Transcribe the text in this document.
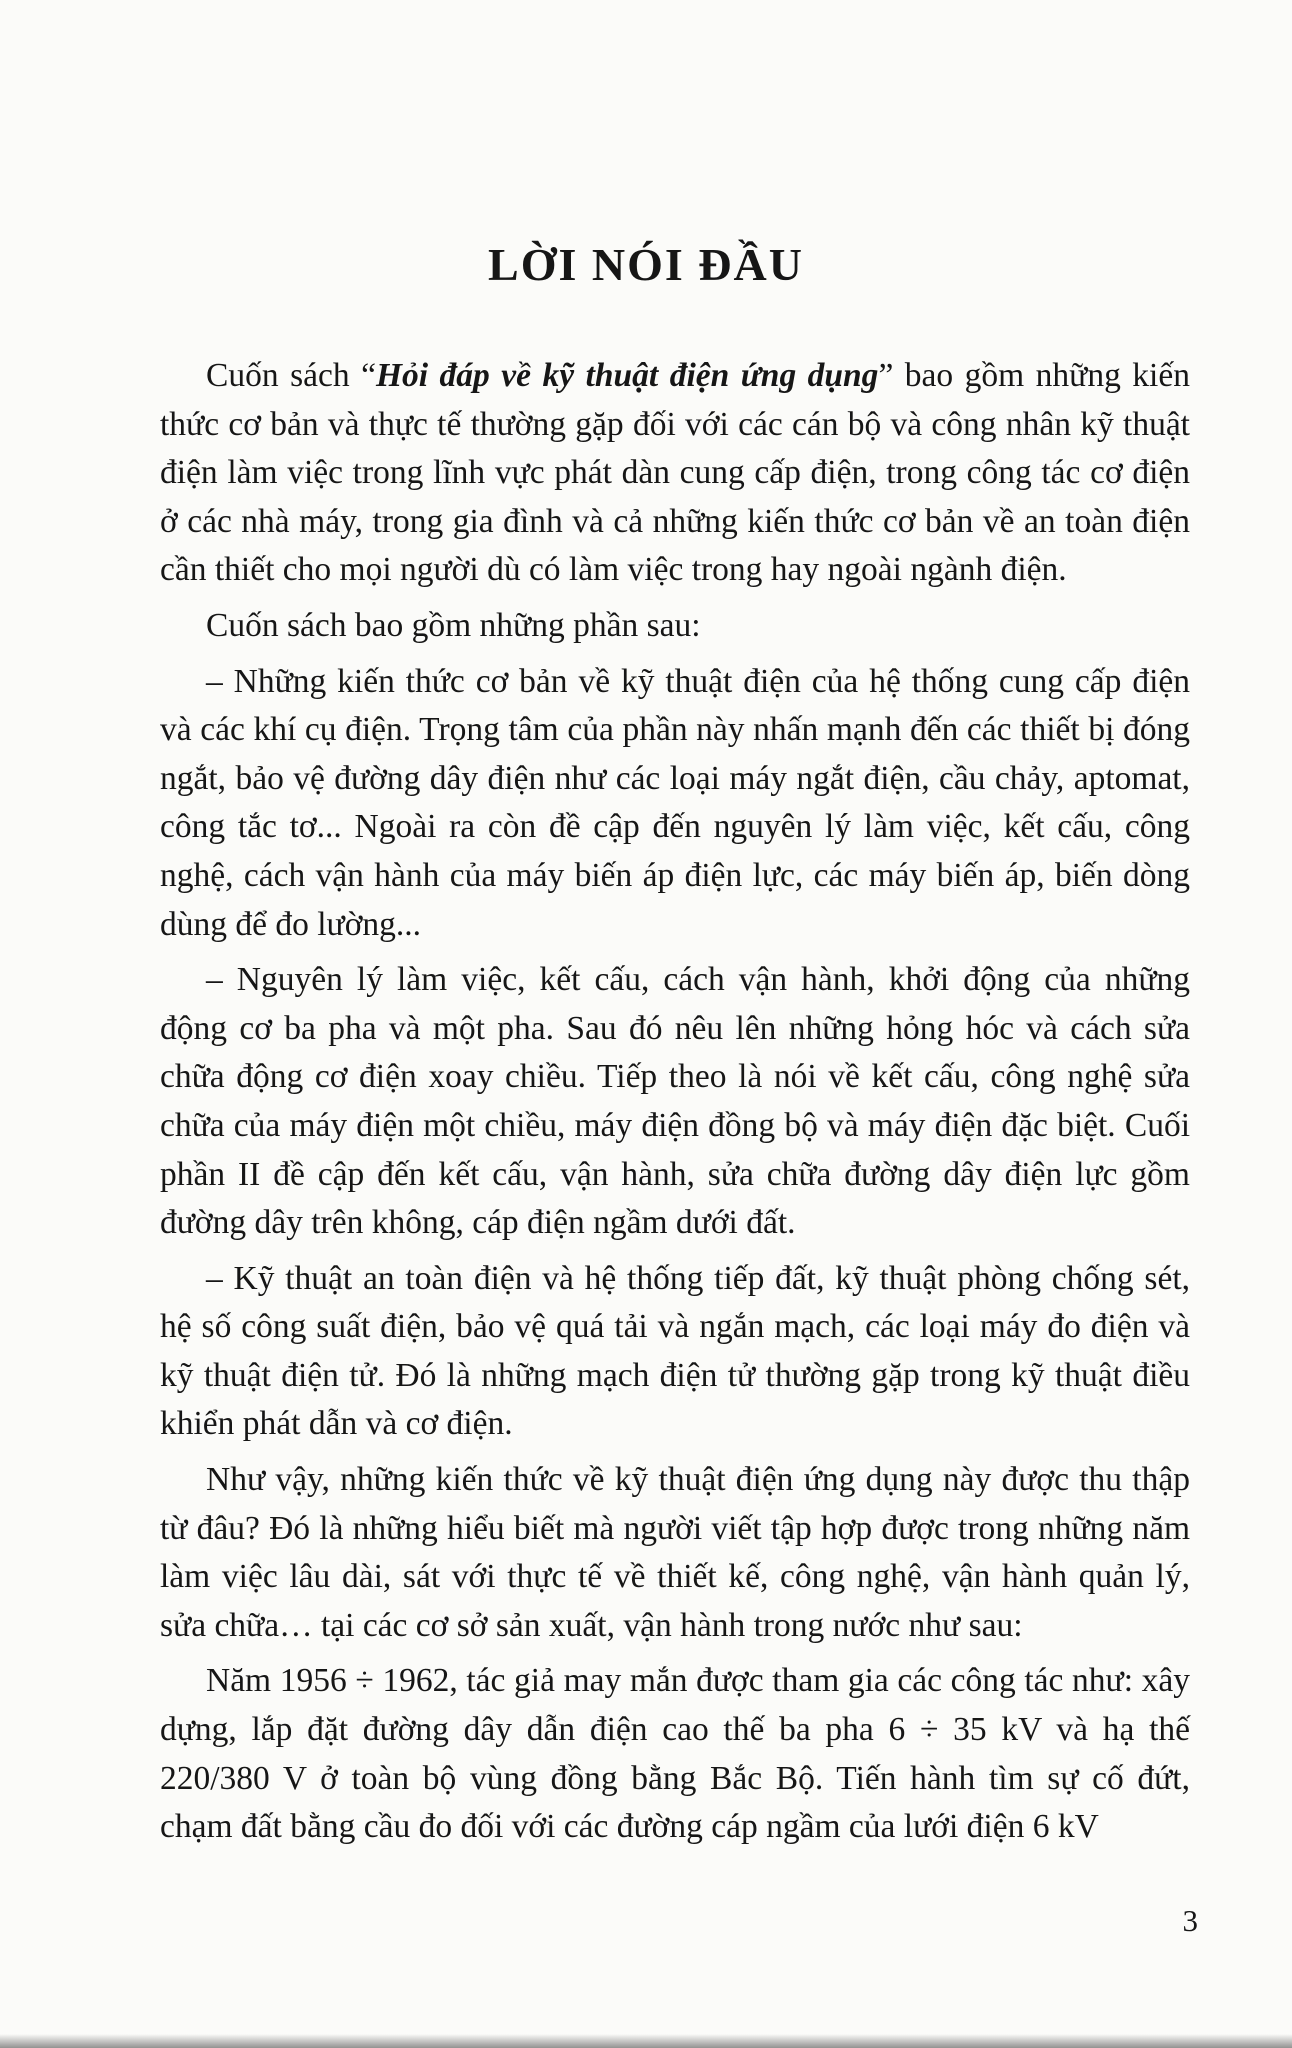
LỜI NÓI ĐẦU

Cuốn sách “Hỏi đáp về kỹ thuật điện ứng dụng” bao gồm những kiến thức cơ bản và thực tế thường gặp đối với các cán bộ và công nhân kỹ thuật điện làm việc trong lĩnh vực phát dàn cung cấp điện, trong công tác cơ điện ở các nhà máy, trong gia đình và cả những kiến thức cơ bản về an toàn điện cần thiết cho mọi người dù có làm việc trong hay ngoài ngành điện.

Cuốn sách bao gồm những phần sau:

– Những kiến thức cơ bản về kỹ thuật điện của hệ thống cung cấp điện và các khí cụ điện. Trọng tâm của phần này nhấn mạnh đến các thiết bị đóng ngắt, bảo vệ đường dây điện như các loại máy ngắt điện, cầu chảy, aptomat, công tắc tơ... Ngoài ra còn đề cập đến nguyên lý làm việc, kết cấu, công nghệ, cách vận hành của máy biến áp điện lực, các máy biến áp, biến dòng dùng để đo lường...

– Nguyên lý làm việc, kết cấu, cách vận hành, khởi động của những động cơ ba pha và một pha. Sau đó nêu lên những hỏng hóc và cách sửa chữa động cơ điện xoay chiều. Tiếp theo là nói về kết cấu, công nghệ sửa chữa của máy điện một chiều, máy điện đồng bộ và máy điện đặc biệt. Cuối phần II đề cập đến kết cấu, vận hành, sửa chữa đường dây điện lực gồm đường dây trên không, cáp điện ngầm dưới đất.

– Kỹ thuật an toàn điện và hệ thống tiếp đất, kỹ thuật phòng chống sét, hệ số công suất điện, bảo vệ quá tải và ngắn mạch, các loại máy đo điện và kỹ thuật điện tử. Đó là những mạch điện tử thường gặp trong kỹ thuật điều khiển phát dẫn và cơ điện.

Như vậy, những kiến thức về kỹ thuật điện ứng dụng này được thu thập từ đâu? Đó là những hiểu biết mà người viết tập hợp được trong những năm làm việc lâu dài, sát với thực tế về thiết kế, công nghệ, vận hành quản lý, sửa chữa… tại các cơ sở sản xuất, vận hành trong nước như sau:

Năm 1956 ÷ 1962, tác giả may mắn được tham gia các công tác như: xây dựng, lắp đặt đường dây dẫn điện cao thế ba pha 6 ÷ 35 kV và hạ thế 220/380 V ở toàn bộ vùng đồng bằng Bắc Bộ. Tiến hành tìm sự cố đứt, chạm đất bằng cầu đo đối với các đường cáp ngầm của lưới điện 6 kV

3
